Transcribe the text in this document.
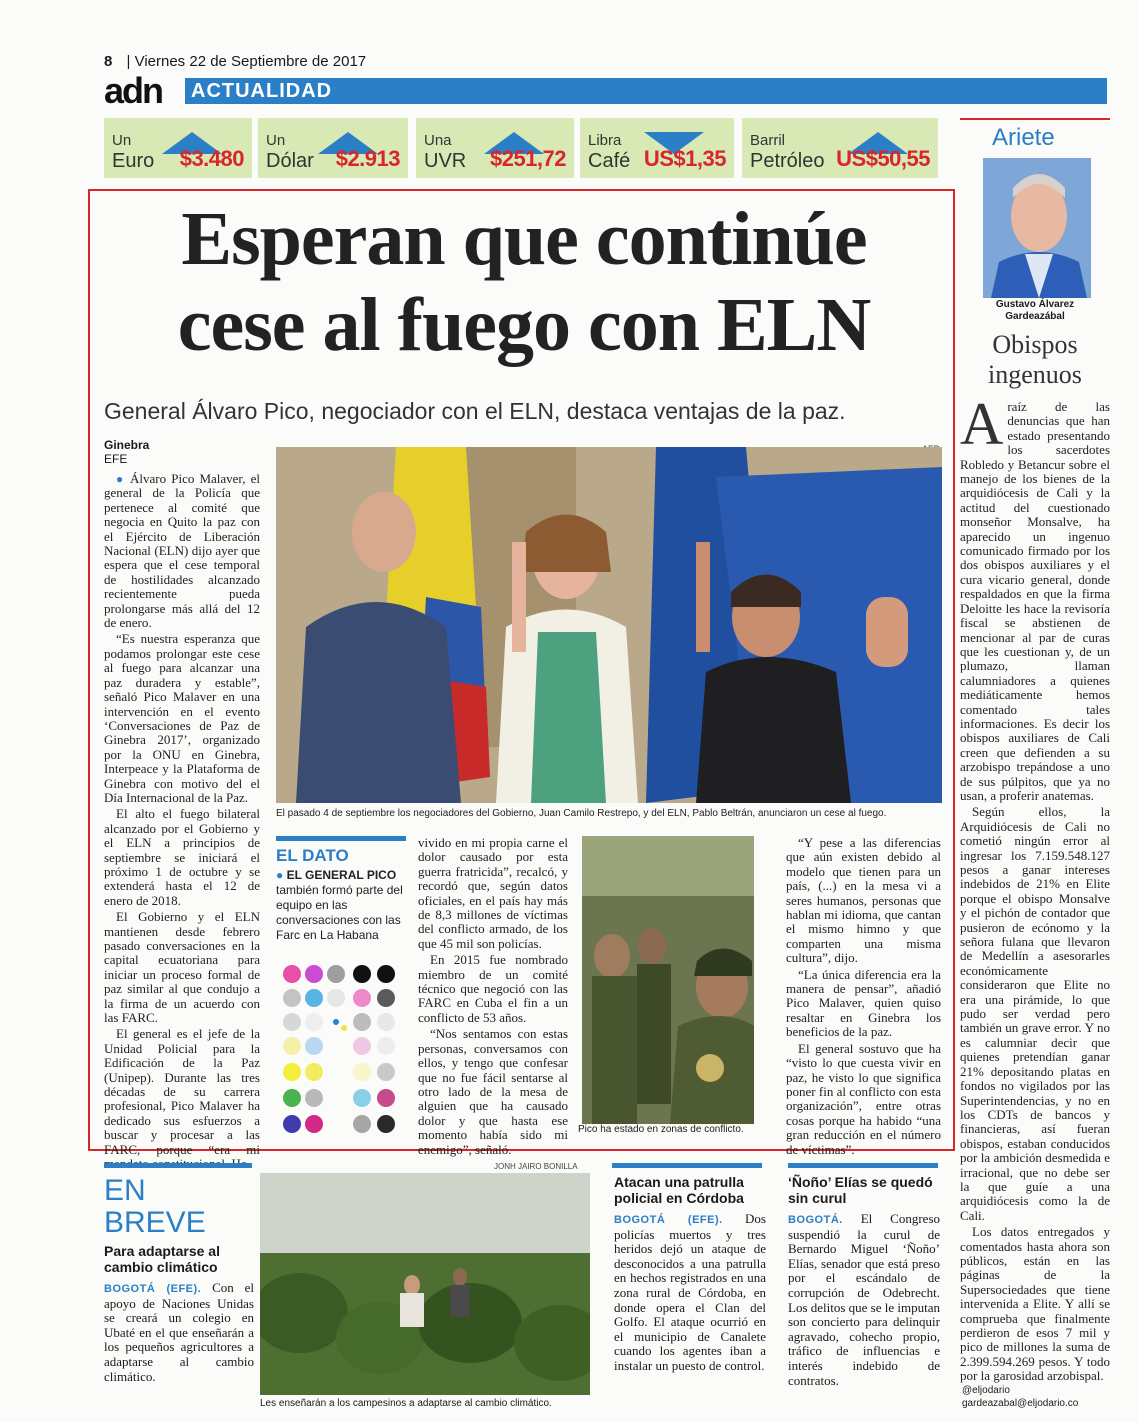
8 | Viernes 22 de Septiembre de 2017
adn	ACTUALIDAD
Un
Euro $3.480
Un
Dólar $2.913
Una
UVR $251,72
Libra
Café US$1,35
Barril
Petróleo US$50,55
Esperan que continúe
cese al fuego con ELN
General Álvaro Pico, negociador con el ELN, destaca ventajas de la paz.
Ginebra
EFE

● Álvaro Pico Malaver, el general de la Policía que pertenece al comité que negocia en Quito la paz con el Ejército de Liberación Nacional (ELN) dijo ayer que espera que el cese temporal de hostilidades alcanzado recientemente pueda prolongarse más allá del 12 de enero.

“Es nuestra esperanza que podamos prolongar este cese al fuego para alcanzar una paz duradera y estable”, señaló Pico Malaver en una intervención en el evento ‘Conversaciones de Paz de Ginebra 2017’, organizado por la ONU en Ginebra, Interpeace y la Plataforma de Ginebra con motivo del el Día Internacional de la Paz.

El alto el fuego bilateral alcanzado por el Gobierno y el ELN a principios de septiembre se iniciará el próximo 1 de octubre y se extenderá hasta el 12 de enero de 2018.

El Gobierno y el ELN mantienen desde febrero pasado conversaciones en la capital ecuatoriana para iniciar un proceso formal de paz similar al que condujo a la firma de un acuerdo con las FARC.

El general es el jefe de la Unidad Policial para la Edificación de la Paz (Unipep). Durante las tres décadas de su carrera profesional, Pico Malaver ha dedicado sus esfuerzos a buscar y procesar a las FARC, porque “era mi

El pasado 4 de septiembre los negociadores del Gobierno, Juan Camilo Restrepo, y del ELN, Pablo Beltrán, anunciaron un cese al fuego.
EL DATO
● EL GENERAL PICO también formó parte del equipo en las conversaciones con las Farc en La Habana

vivido en mi propia carne el dolor causado por esta guerra fratricida”, recalcó, y recordó que, según datos oficiales, en el país hay más de 8,3 millones de víctimas del conflicto armado, de los que 45 mil son policías.

En 2015 fue nombrado miembro de un comité técnico que negoció con las FARC en Cuba el fin a un conflicto de 53 años.

“Nos sentamos con estas personas, conversamos con ellos, y tengo que confesar que no fue fácil sentarse al otro lado de la mesa de alguien que ha causado dolor y que hasta ese momento había sido mi enemigo”, señaló.

Pico ha estado en zonas de conflicto.

“Y pese a las diferencias que aún existen debido al modelo que tienen para un país, (...) en la mesa vi a seres humanos, personas que hablan mi idioma, que cantan el mismo himno y que comparten una misma cultura”, dijo.

“La única diferencia era la manera de pensar”, añadió Pico Malaver, quien quiso resaltar en Ginebra los beneficios de la paz.

El general sostuvo que ha “visto lo que cuesta vivir en paz, he visto lo que significa poner fin al conflicto con esta organización”, entre otras cosas porque ha habido “una gran reducción en el número de víctimas”.

Ariete
Gustavo Álvarez
Gardeazábal
Obispos
ingenuos

Araíz de las denuncias que han estado presentando los sacerdotes Robledo y Betancur sobre el manejo de los bienes de la arquidiócesis de Cali y la actitud del cuestionado monseñor Monsalve, ha aparecido un ingenuo comunicado firmado por los dos obispos auxiliares y el cura vicario general, donde respaldados en que la firma Deloitte les hace la revisoría fiscal se abstienen de mencionar al par de curas que les cuestionan y, de un plumazo, llaman calumniadores a quienes mediáticamente hemos comentado tales informaciones. Es decir los obispos auxiliares de Cali creen que defienden a su arzobispo trepándose a uno de sus púlpitos, que ya no usan, a proferir anatemas.

Según ellos, la Arquidiócesis de Cali no cometió ningún error al ingresar los 7.159.548.127 pesos a ganar intereses indebidos de 21% en Elite porque el obispo Monsalve y el pichón de contador que pusieron de ecónomo y la señora fulana que llevaron de Medellín a asesorarles económicamente consideraron que Elite no era una pirámide, lo que pudo ser verdad pero también un grave error. Y no es calumniar decir que quienes pretendían ganar 21% depositando platas en fondos no vigilados por las Superintendencias, y no en los CDTs de bancos y financieras, así fueran obispos, estaban conducidos por la ambición desmedida e irracional, que no debe ser la que guíe a una arquidiócesis como la de Cali.

Los datos entregados y comentados hasta ahora son públicos, están en las páginas de la Supersociedades que tiene intervenida a Elite. Y allí se comprueba que finalmente perdieron de esos 7 mil y pico de millones la suma de 2.399.594.269 pesos. Y todo por la garosidad arzobispal.

@eljodario
gardeazabal@eljodario.co
EN
BREVE
Para adaptarse al cambio climático
BOGOTÁ (EFE). Con el apoyo de Naciones Unidas se creará un colegio en Ubaté en el que enseñarán a los pequeños agricultores a adaptarse al cambio climático.
JONH JAIRO BONILLA
Les enseñarán a los campesinos a adaptarse al cambio climático.
Atacan una patrulla policial en Córdoba
BOGOTÁ (EFE). Dos policías muertos y tres heridos dejó un ataque de desconocidos a una patrulla en hechos registrados en una zona rural de Córdoba, en donde opera el Clan del Golfo. El ataque ocurrió en el municipio de Canalete cuando los agentes iban a instalar un puesto de control.
‘Ñoño’ Elías se quedó sin curul
BOGOTÁ. El Congreso suspendió la curul de Bernardo Miguel ‘Ñoño’ Elías, senador que está preso por el escándalo de corrupción de Odebrecht. Los delitos que se le imputan son concierto para delinquir agravado, cohecho propio, tráfico de influencias e interés indebido de contratos.
